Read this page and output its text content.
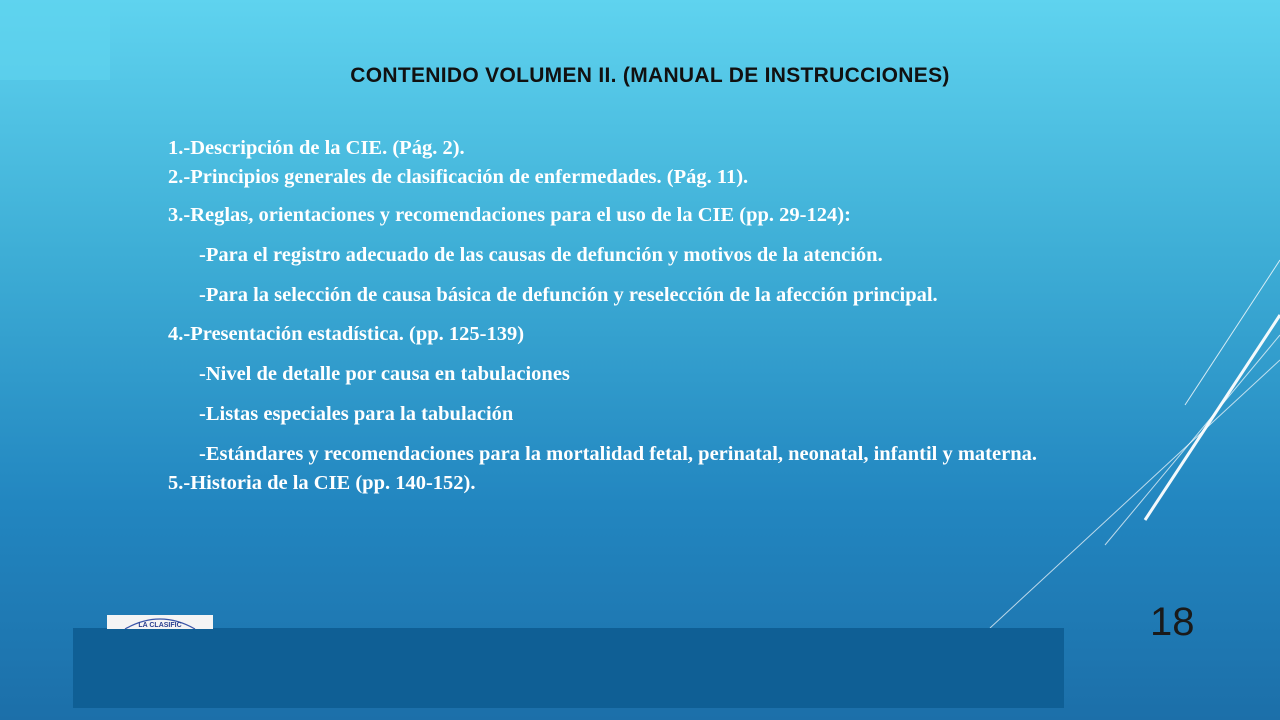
CONTENIDO VOLUMEN II. (MANUAL DE INSTRUCCIONES)

1.-Descripción de la CIE. (Pág. 2).

2.-Principios generales de clasificación de enfermedades. (Pág. 11).

3.-Reglas, orientaciones y recomendaciones para el uso de la CIE (pp. 29-124):

-Para el registro adecuado de las causas de defunción y motivos de la atención.

-Para la selección de causa básica de defunción y reselección de la afección principal.

4.-Presentación estadística. (pp. 125-139)

-Nivel de detalle por causa en tabulaciones

-Listas especiales para la tabulación

-Estándares y recomendaciones para la mortalidad fetal, perinatal, neonatal, infantil y materna.

5.-Historia de la CIE (pp. 140-152).

LA CLASIFIC	18
